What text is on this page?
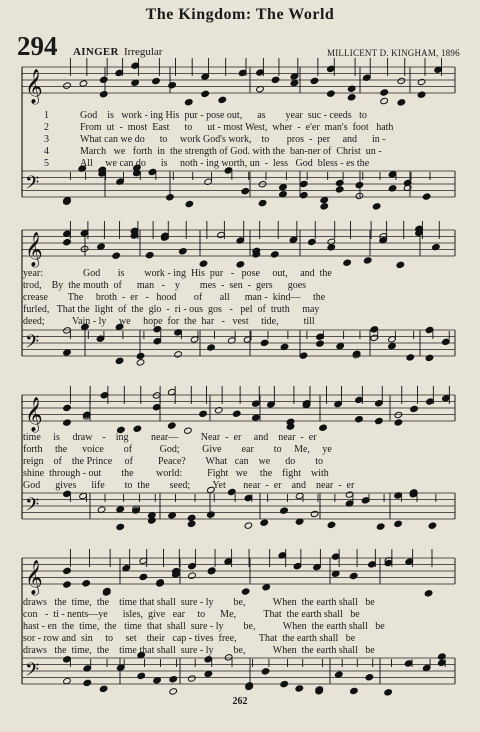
The Kingdom: The World
294 AINGER Irregular	MILLICENT D. KINGHAM, 1896
𝄞
𝄢
𝄞
𝄢
𝄞
𝄢
𝄞
𝄢
1
2
3
4
5
God    is   work - ing His  pur - pose out,      as        year  suc - ceeds   to
From  ut  -  most  East      to      ut - most West,  wher  -  e'er  man's  foot   hath
What can we do      to     work God's work,    to       pros  -  per     and      in -
March   we   forth  in  the strength of God. with the  ban-ner of  Christ  un -
All     we can do      is     noth - ing worth, un  -  less   God  bless - es the
year:                God       is        work - ing  His  pur   -   pose     out,     and  the
trod,    By  the mouth  of      man   -    y        mes  -  sen  -  gers      goes
crease        The     broth  -  er   -   hood       of       all      man -  kind—     the
furled,   That the  light  of  the  glo  -  ri - ous  gos   -   pel  of  truth     may
deed;           Vain - ly     we     hope  for  the  har   -   vest     tide,          till
time     is     draw    -    ing         near—         Near  -  er     and    near  -  er
forth     the      voice        of           God;         Give        ear        to     Me,     ye
reign    of    the Prince     of          Peace?        What   can    we      do        to
shine  through - out        the         world:          Fight   we     the    fight    with
God      gives      life        to  the        seed;         Yet       near  -  er    and    near  -  er
draws   the  time,  the    time that shall  sure - ly        be,           When  the earth shall   be
con   -  ti - nents—ye      isles,  give   ear     to      Me,           That  the earth shall   be
hast - en  the  time,  the   time  that  shall  sure - ly        be,           When  the earth shall   be
sor - row and  sin     to     set    their   cap - tives  free,         That  the earth shall   be
draws   the  time,  the    time that shall  sure - ly        be,           When  the earth shall   be
262
